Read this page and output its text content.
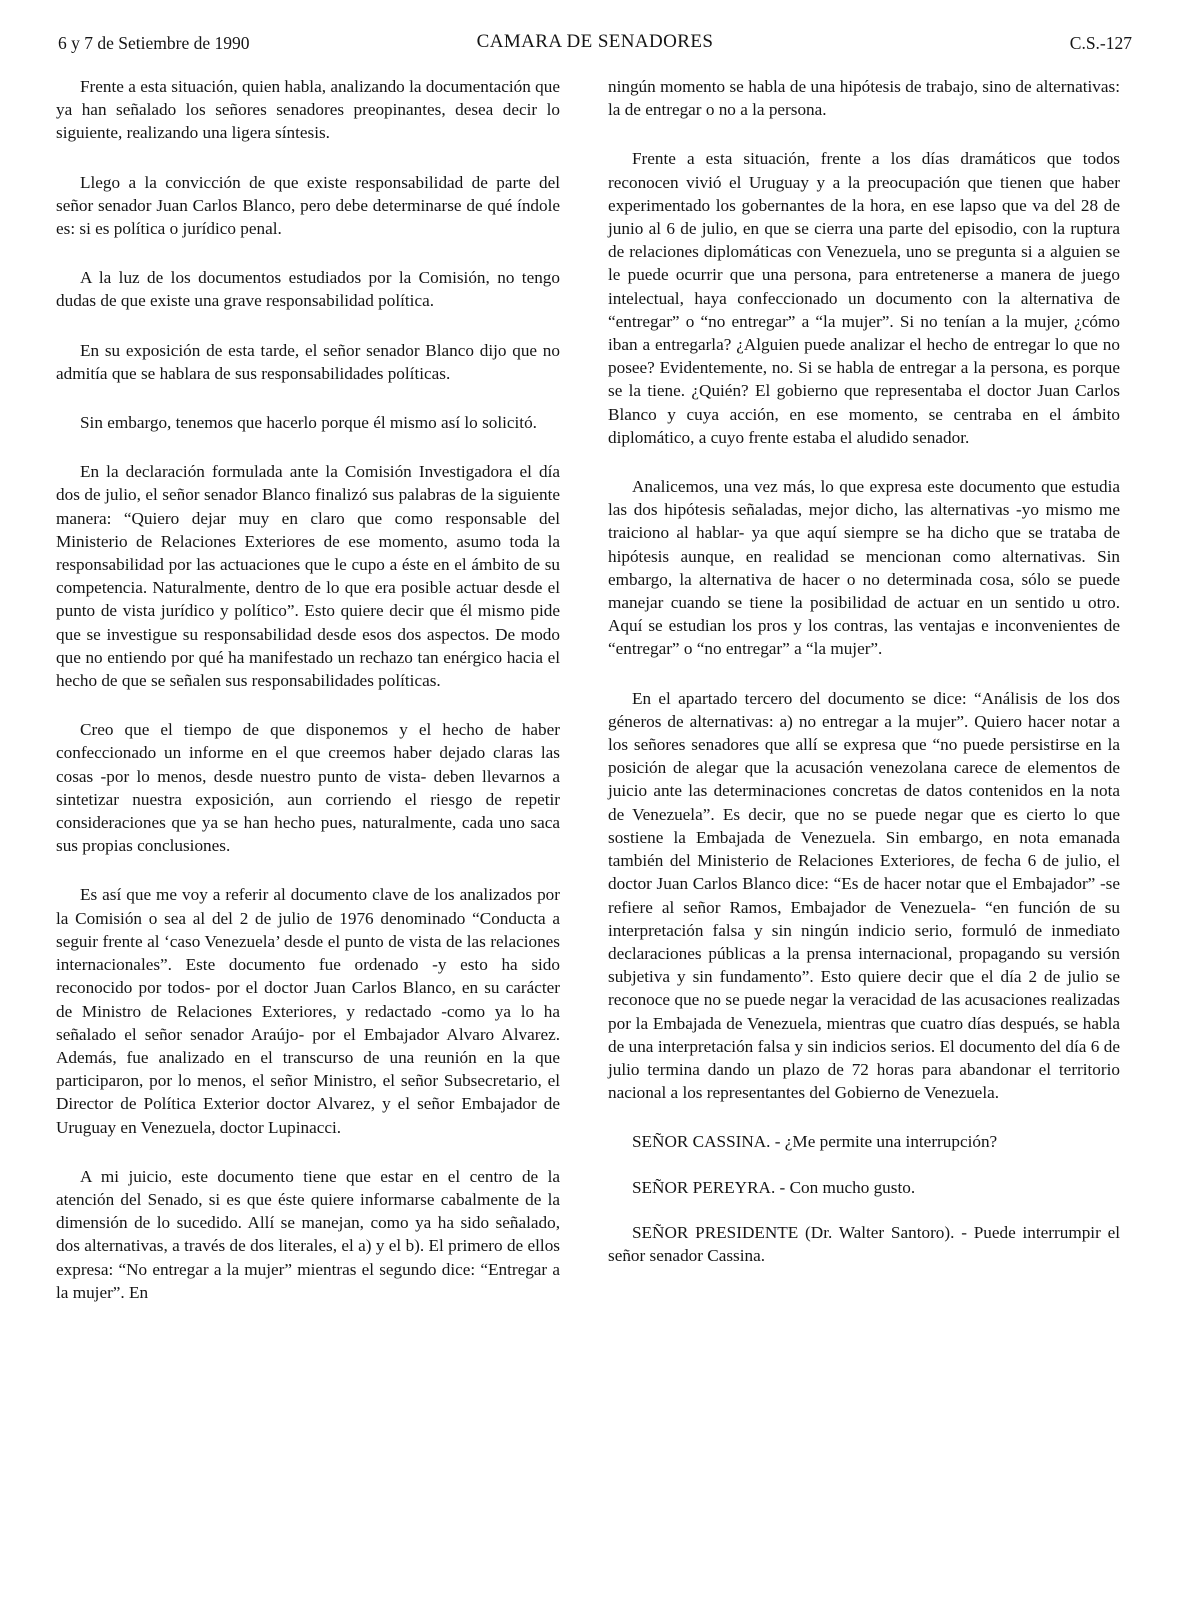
6 y 7 de Setiembre de 1990	CAMARA DE SENADORES	C.S.-127

Frente a esta situación, quien habla, analizando la documentación que ya han señalado los señores senadores preopinantes, desea decir lo siguiente, realizando una ligera síntesis.

Llego a la convicción de que existe responsabilidad de parte del señor senador Juan Carlos Blanco, pero debe determinarse de qué índole es: si es política o jurídico penal.

A la luz de los documentos estudiados por la Comisión, no tengo dudas de que existe una grave responsabilidad política.

En su exposición de esta tarde, el señor senador Blanco dijo que no admitía que se hablara de sus responsabilidades políticas.

Sin embargo, tenemos que hacerlo porque él mismo así lo solicitó.

En la declaración formulada ante la Comisión Investigadora el día dos de julio, el señor senador Blanco finalizó sus palabras de la siguiente manera: “Quiero dejar muy en claro que como responsable del Ministerio de Relaciones Exteriores de ese momento, asumo toda la responsabilidad por las actuaciones que le cupo a éste en el ámbito de su competencia. Naturalmente, dentro de lo que era posible actuar desde el punto de vista jurídico y político”. Esto quiere decir que él mismo pide que se investigue su responsabilidad desde esos dos aspectos. De modo que no entiendo por qué ha manifestado un rechazo tan enérgico hacia el hecho de que se señalen sus responsabilidades políticas.

Creo que el tiempo de que disponemos y el hecho de haber confeccionado un informe en el que creemos haber dejado claras las cosas -por lo menos, desde nuestro punto de vista- deben llevarnos a sintetizar nuestra exposición, aun corriendo el riesgo de repetir consideraciones que ya se han hecho pues, naturalmente, cada uno saca sus propias conclusiones.

Es así que me voy a referir al documento clave de los analizados por la Comisión o sea al del 2 de julio de 1976 denominado “Conducta a seguir frente al ‘caso Venezuela’ desde el punto de vista de las relaciones internacionales”. Este documento fue ordenado -y esto ha sido reconocido por todos- por el doctor Juan Carlos Blanco, en su carácter de Ministro de Relaciones Exteriores, y redactado -como ya lo ha señalado el señor senador Araújo- por el Embajador Alvaro Alvarez. Además, fue analizado en el transcurso de una reunión en la que participaron, por lo menos, el señor Ministro, el señor Subsecretario, el Director de Política Exterior doctor Alvarez, y el señor Embajador de Uruguay en Venezuela, doctor Lupinacci.

A mi juicio, este documento tiene que estar en el centro de la atención del Senado, si es que éste quiere informarse cabalmente de la dimensión de lo sucedido. Allí se manejan, como ya ha sido señalado, dos alternativas, a través de dos literales, el a) y el b). El primero de ellos expresa: “No entregar a la mujer” mientras el segundo dice: “Entregar a la mujer”. En

ningún momento se habla de una hipótesis de trabajo, sino de alternativas: la de entregar o no a la persona.

Frente a esta situación, frente a los días dramáticos que todos reconocen vivió el Uruguay y a la preocupación que tienen que haber experimentado los gobernantes de la hora, en ese lapso que va del 28 de junio al 6 de julio, en que se cierra una parte del episodio, con la ruptura de relaciones diplomáticas con Venezuela, uno se pregunta si a alguien se le puede ocurrir que una persona, para entretenerse a manera de juego intelectual, haya confeccionado un documento con la alternativa de “entregar” o “no entregar” a “la mujer”. Si no tenían a la mujer, ¿cómo iban a entregarla? ¿Alguien puede analizar el hecho de entregar lo que no posee? Evidentemente, no. Si se habla de entregar a la persona, es porque se la tiene. ¿Quién? El gobierno que representaba el doctor Juan Carlos Blanco y cuya acción, en ese momento, se centraba en el ámbito diplomático, a cuyo frente estaba el aludido senador.

Analicemos, una vez más, lo que expresa este documento que estudia las dos hipótesis señaladas, mejor dicho, las alternativas -yo mismo me traiciono al hablar- ya que aquí siempre se ha dicho que se trataba de hipótesis aunque, en realidad se mencionan como alternativas. Sin embargo, la alternativa de hacer o no determinada cosa, sólo se puede manejar cuando se tiene la posibilidad de actuar en un sentido u otro. Aquí se estudian los pros y los contras, las ventajas e inconvenientes de “entregar” o “no entregar” a “la mujer”.

En el apartado tercero del documento se dice: “Análisis de los dos géneros de alternativas: a) no entregar a la mujer”. Quiero hacer notar a los señores senadores que allí se expresa que “no puede persistirse en la posición de alegar que la acusación venezolana carece de elementos de juicio ante las determinaciones concretas de datos contenidos en la nota de Venezuela”. Es decir, que no se puede negar que es cierto lo que sostiene la Embajada de Venezuela. Sin embargo, en nota emanada también del Ministerio de Relaciones Exteriores, de fecha 6 de julio, el doctor Juan Carlos Blanco dice: “Es de hacer notar que el Embajador” -se refiere al señor Ramos, Embajador de Venezuela- “en función de su interpretación falsa y sin ningún indicio serio, formuló de inmediato declaraciones públicas a la prensa internacional, propagando su versión subjetiva y sin fundamento”. Esto quiere decir que el día 2 de julio se reconoce que no se puede negar la veracidad de las acusaciones realizadas por la Embajada de Venezuela, mientras que cuatro días después, se habla de una interpretación falsa y sin indicios serios. El documento del día 6 de julio termina dando un plazo de 72 horas para abandonar el territorio nacional a los representantes del Gobierno de Venezuela.

SEÑOR CASSINA. - ¿Me permite una interrupción?

SEÑOR PEREYRA. - Con mucho gusto.

SEÑOR PRESIDENTE (Dr. Walter Santoro). - Puede interrumpir el señor senador Cassina.
